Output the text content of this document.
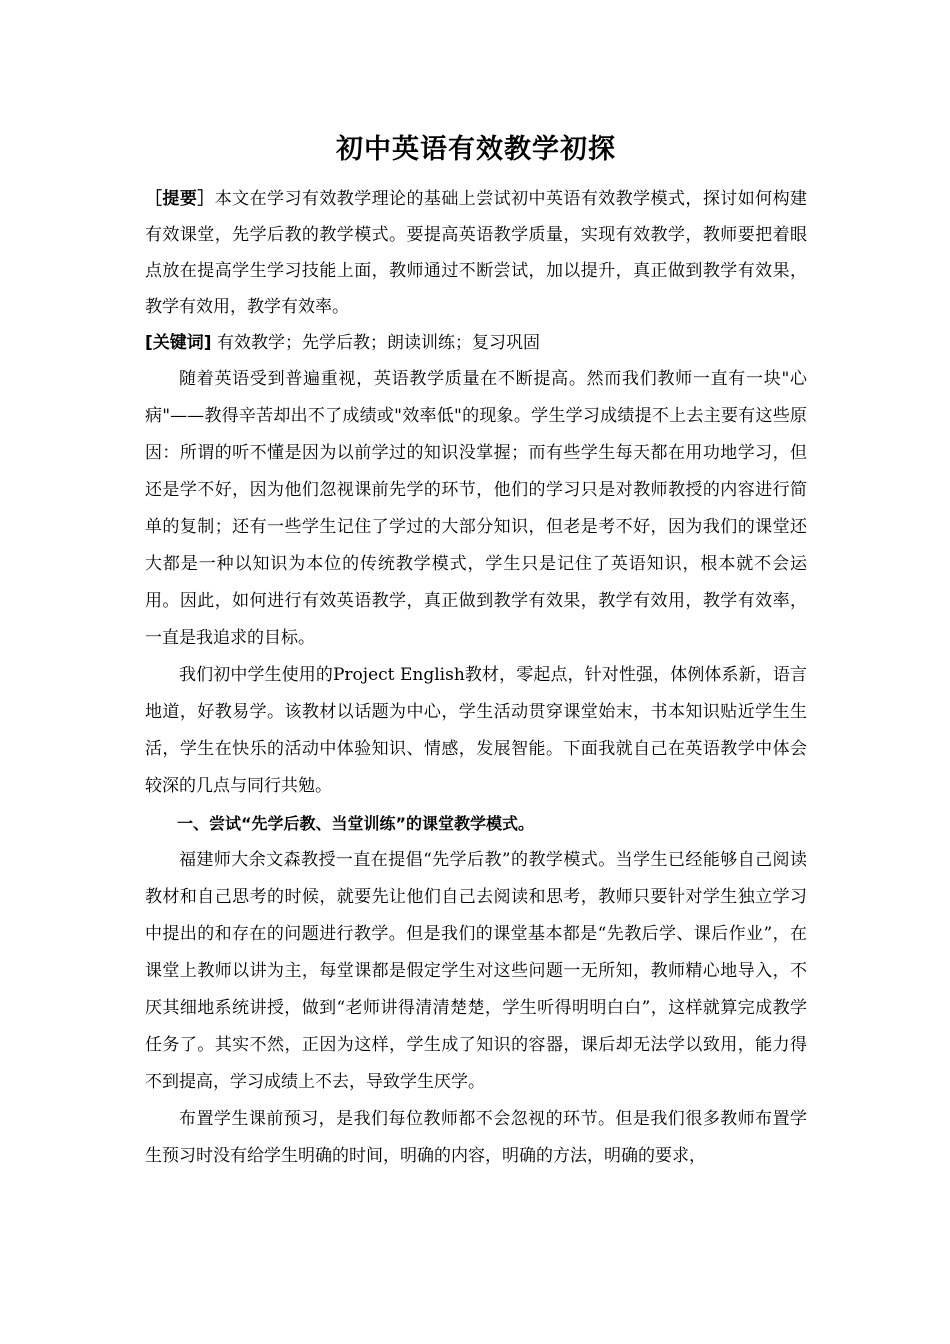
初中英语有效教学初探

［提要］本文在学习有效教学理论的基础上尝试初中英语有效教学模式，探讨如何构建有效课堂，先学后教的教学模式。要提高英语教学质量，实现有效教学，教师要把着眼点放在提高学生学习技能上面，教师通过不断尝试，加以提升，真正做到教学有效果，教学有效用，教学有效率。

[关键词] 有效教学；先学后教；朗读训练；复习巩固

随着英语受到普遍重视，英语教学质量在不断提高。然而我们教师一直有一块"心病"——教得辛苦却出不了成绩或"效率低"的现象。学生学习成绩提不上去主要有这些原因：所谓的听不懂是因为以前学过的知识没掌握；而有些学生每天都在用功地学习，但还是学不好，因为他们忽视课前先学的环节，他们的学习只是对教师教授的内容进行简单的复制；还有一些学生记住了学过的大部分知识，但老是考不好，因为我们的课堂还大都是一种以知识为本位的传统教学模式，学生只是记住了英语知识，根本就不会运用。因此，如何进行有效英语教学，真正做到教学有效果，教学有效用，教学有效率，一直是我追求的目标。

我们初中学生使用的Project English教材，零起点，针对性强，体例体系新，语言地道，好教易学。该教材以话题为中心，学生活动贯穿课堂始末，书本知识贴近学生生活，学生在快乐的活动中体验知识、情感，发展智能。下面我就自己在英语教学中体会较深的几点与同行共勉。

一、尝试“先学后教、当堂训练”的课堂教学模式。

福建师大余文森教授一直在提倡“先学后教”的教学模式。当学生已经能够自己阅读教材和自己思考的时候，就要先让他们自己去阅读和思考，教师只要针对学生独立学习中提出的和存在的问题进行教学。但是我们的课堂基本都是“先教后学、课后作业”，在课堂上教师以讲为主，每堂课都是假定学生对这些问题一无所知，教师精心地导入，不厌其细地系统讲授，做到“老师讲得清清楚楚，学生听得明明白白”，这样就算完成教学任务了。其实不然，正因为这样，学生成了知识的容器，课后却无法学以致用，能力得不到提高，学习成绩上不去，导致学生厌学。

布置学生课前预习，是我们每位教师都不会忽视的环节。但是我们很多教师布置学生预习时没有给学生明确的时间，明确的内容，明确的方法，明确的要求，
